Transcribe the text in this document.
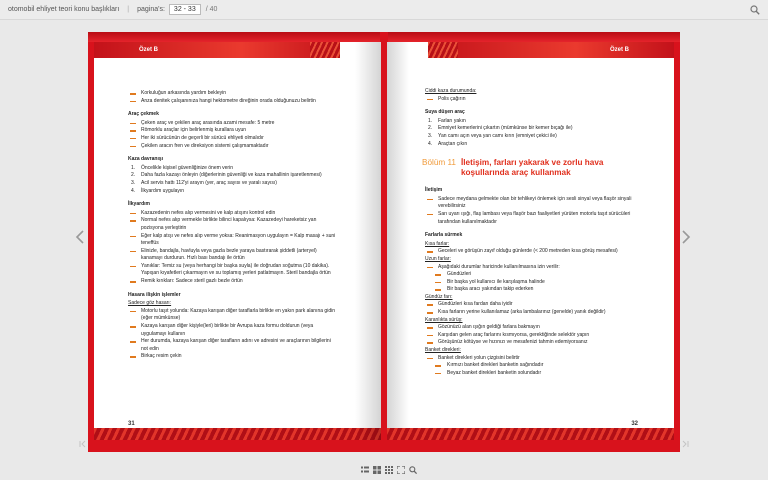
otomobil ehliyet teori konu başlıkları | pagina's:	32 - 33	/ 40
Özet B
Korkuluğun arkasında yardım bekleyin
Anza denitek çalışanınıza hangi hektometre direğinin orada olduğunuzu belirtin
Araç çekmek
Çeken araç ve çekilen araç arasında azami mesafe: 5 metre
Römorklu araçlar için belirlenmiş kurallara uyun
Her iki sürücünün de geçerli bir sürücü ehliyeti olmalıdır
Çekilen aracın fren ve direksiyon sistemi çalışmamaktadır
Kaza davranışı
1. Öncelikle kişisel güvenliğinize önem verin
2. Daha fazla kazayı önleyin (diğerlerinin güvenliği ve kaza mahallinin işaretlenmesi)
3. Acil servis hattı 112'yi arayın (yer, araç sayısı ve yaralı sayısı)
4. İlkyardım uygulayın
İlkyardım
Kazazedenin nefes alıp vermesini ve kalp atışını kontrol edin
Normal nefes alıp vermekle birlikte bilinci kapalıysa: Kazazedeyi hareketsiz yan pozisyona yerleştirin
Eğer kalp atışı ve nefes alıp verme yoksa: Reanimasyon uygulayın = Kalp masajı + suni teneffüs
Elinizle, bandajla, havluyla veya gazla bezle yaraya bastırarak şiddetli (arteryel) kanamayı durdurun. Hızlı bası bandajı ile örtün
Yanıklar: Temiz su (veya herhangi bir başka suyla) ile doğrudan soğutma (10 dakika). Yapışan kıyafetleri çıkarmayın ve su toplamış yerleri patlatmayın. Steril bandajla örtün
Remik kırıkları: Sadece steril gazlı bezle örtün
Hasara ilişkin işlemler
Sadece göz hasarı:
Motorlu taşıt yolunda: Kazaya karışan diğer taraflarla birlikte en yakın park alanına gidin (eğer mümkünse)
Kazaya karışan diğer kişiyle(leri) birlikte bir Avrupa kaza formu doldurun (veya uygulamayı kullanın
Her durumda, kazaya karışan diğer tarafların adını ve adresini ve araçlarının bilgilerini not edin
Birkaç resim çekin
31
Özet B
Ciddi kaza durumunda:
Polis çağırın
Suya düşen araç
1. Farları yakın
2. Emniyet kemerlerini çıkartın (mümkünse bir kemer bıçağı ile)
3. Yan camı açın veya yan camı kırın (emniyet çekici ile)
4. Araçtan çıkın
Bölüm 11 İletişim, farları yakarak ve zorlu hava koşullarında araç kullanmak
İletişim
Sadece meydana gelmekte olan bir tehlikeyi önlemek için sesli sinyal veya flaşör sinyali verebilirsiniz
Sarı uyarı ışığı, flaş lambası veya flaşör bazı faaliyetleri yürüten motorlu taşıt sürücüleri tarafından kullanılmaktadır
Farlarla sürmek
Kısa farlar:
Geceleri ve görüşün zayıf olduğu günlerde (< 200 metreden kısa görüş mesafesi)
Uzun farlar:
Aşağıdaki durumlar haricinde kullanılmasına izin verilir:
Gündüzleri
Bir başka yol kullanıcı ile karşılaşma halinde
Bir başka aracı yakından takip ederken
Gündüz farı:
Gündüzleri kısa fardan daha iyidir
Kısa farların yerine kullanılamaz (arka lambalarınız (genelde) yanık değildir)
Karanlıkta sürüş:
Gözünüzü alan ışığın geldiği farlara bakmayın
Karşıdan gelen araç farlarını kısmıyorsa, gerektiğinde selektör yapın
Görüşünüz kötüyse ve hızınızı ve mesafenizi tahmin edemiyorsanız
Banket direkleri:
Banket direkleri yolun çizgisini belirtir
Kırmızı banket direkleri banketin sağındadır
Beyaz banket direkleri banketin solundadır
32
